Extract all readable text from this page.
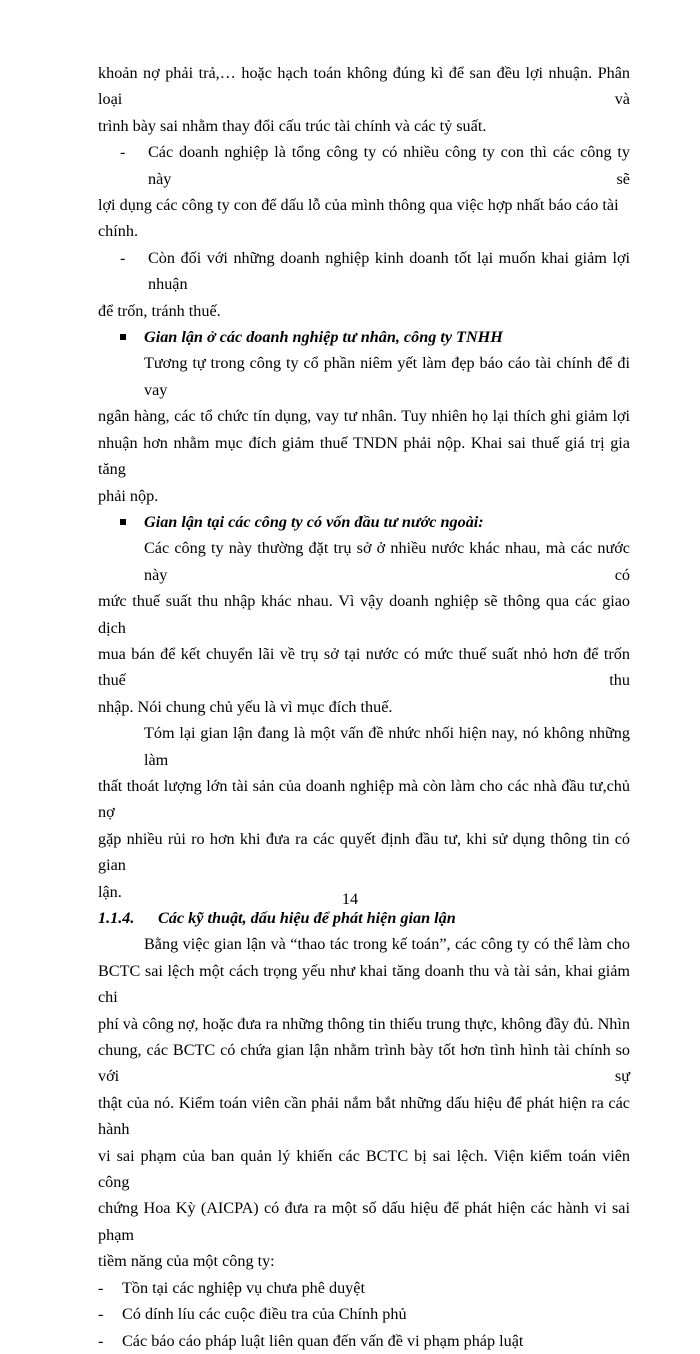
khoản nợ phải trả,… hoặc hạch toán không đúng kì để san đều lợi nhuận. Phân loại và

trình bày sai nhằm thay đổi cấu trúc tài chính và các tỷ suất.

- Các doanh nghiệp là tổng công ty có nhiều công ty con thì các công ty này sẽ

lợi dụng các công ty con để dấu lỗ của mình thông qua việc hợp nhất báo cáo tài chính.

- Còn đối với những doanh nghiệp kinh doanh tốt lại muốn khai giảm lợi nhuận

để trốn, tránh thuế.

Gian lận ở các doanh nghiệp tư nhân, công ty TNHH

Tương tự trong công ty cổ phần niêm yết làm đẹp báo cáo tài chính để đi vay

ngân hàng, các tổ chức tín dụng, vay tư nhân. Tuy nhiên họ lại thích ghi giảm lợi

nhuận hơn nhằm mục đích giảm thuế TNDN phải nộp. Khai sai thuế giá trị gia tăng

phải nộp.

Gian lận tại các công ty có vốn đầu tư nước ngoài:

Các công ty này thường đặt trụ sở ở nhiều nước khác nhau, mà các nước này có

mức thuế suất thu nhập khác nhau. Vì vậy doanh nghiệp sẽ thông qua các giao dịch

mua bán để kết chuyển lãi về trụ sở tại nước có mức thuế suất nhỏ hơn để trốn thuế thu

nhập. Nói chung chủ yếu là vì mục đích thuế.

Tóm lại gian lận đang là một vấn đề nhức nhối hiện nay, nó không những làm

thất thoát lượng lớn tài sản của doanh nghiệp mà còn làm cho các nhà đầu tư,chủ nợ

gặp nhiều rủi ro hơn khi đưa ra các quyết định đầu tư, khi sử dụng thông tin có gian

lận.

1.1.4. Các kỹ thuật, dấu hiệu để phát hiện gian lận

Bằng việc gian lận và “thao tác trong kế toán”, các công ty có thể làm cho

BCTC sai lệch một cách trọng yếu như khai tăng doanh thu và tài sản, khai giảm chi

phí và công nợ, hoặc đưa ra những thông tin thiếu trung thực, không đầy đủ. Nhìn

chung, các BCTC có chứa gian lận nhằm trình bày tốt hơn tình hình tài chính so với sự

thật của nó. Kiểm toán viên cần phải nắm bắt những dấu hiệu để phát hiện ra các hành

vi sai phạm của ban quản lý khiến các BCTC bị sai lệch. Viện kiểm toán viên công

chứng Hoa Kỳ (AICPA) có đưa ra một số dấu hiệu để phát hiện các hành vi sai phạm

tiềm năng của một công ty:

- Tồn tại các nghiệp vụ chưa phê duyệt

- Có dính líu các cuộc điều tra của Chính phủ

- Các báo cáo pháp luật liên quan đến vấn đề vi phạm pháp luật

14
